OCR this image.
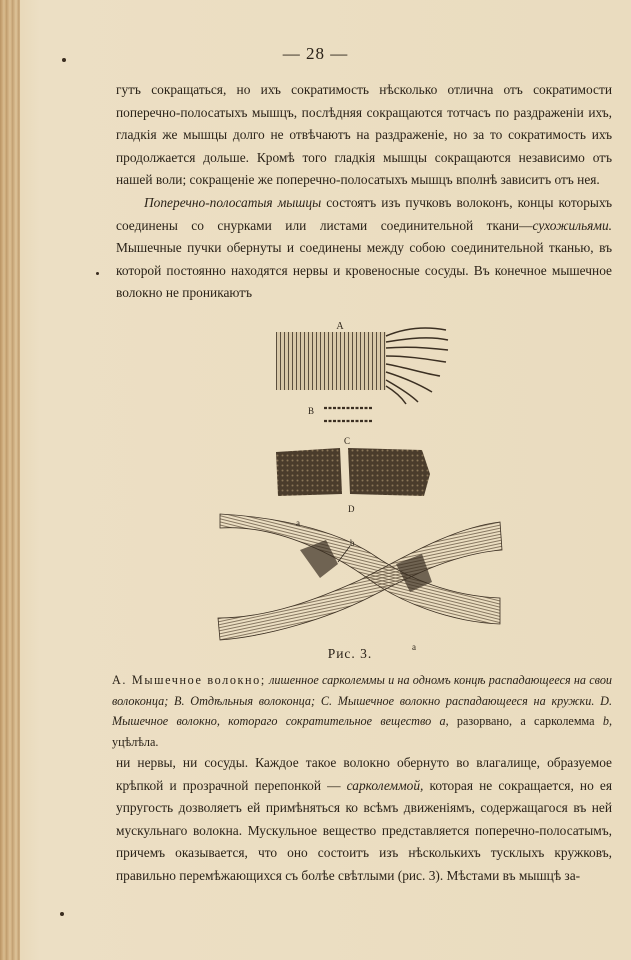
— 28 —

гутъ сокращаться, но ихъ сократимость нѣсколько отлична отъ сократимости поперечно-полосатыхъ мышцъ, послѣдняя сокращаются тотчасъ по раздраженіи ихъ, гладкія же мышцы долго не отвѣчаютъ на раздраженіе, но за то сократимость ихъ продолжается дольше. Кромѣ того гладкія мышцы сокращаются независимо отъ нашей воли; сокращеніе же поперечно-полосатыхъ мышцъ вполнѣ зависитъ отъ нея.

Поперечно-полосатыя мышцы состоятъ изъ пучковъ волоконъ, концы которыхъ соединены со снурками или листами соединительной ткани—сухожильями. Мышечные пучки обернуты и соединены между собою соединительной тканью, въ которой постоянно находятся нервы и кровеносные сосуды. Въ конечное мышечное волокно не проникаютъ

A
B
C
D
a
b
a
Рис. 3.

A. Мышечное волокно; лишенное сарколеммы и на одномъ концѣ распадающееся на свои волоконца; B. Отдѣльныя волоконца; C. Мышечное волокно распадающееся на кружки. D. Мышечное волокно, котораго сократительное вещество a, разорвано, а сарколемма b, уцѣлѣла.

ни нервы, ни сосуды. Каждое такое волокно обернуто во влагалище, образуемое крѣпкой и прозрачной перепонкой — сарколеммой, которая не сокращается, но ея упругость дозволяетъ ей примѣняться ко всѣмъ движеніямъ, содержащагося въ ней мускульнаго волокна. Мускульное вещество представляется поперечно-полосатымъ, причемъ оказывается, что оно состоитъ изъ нѣсколькихъ тусклыхъ кружковъ, правильно перемѣжающихся съ болѣе свѣтлыми (рис. 3). Мѣстами въ мышцѣ за-
